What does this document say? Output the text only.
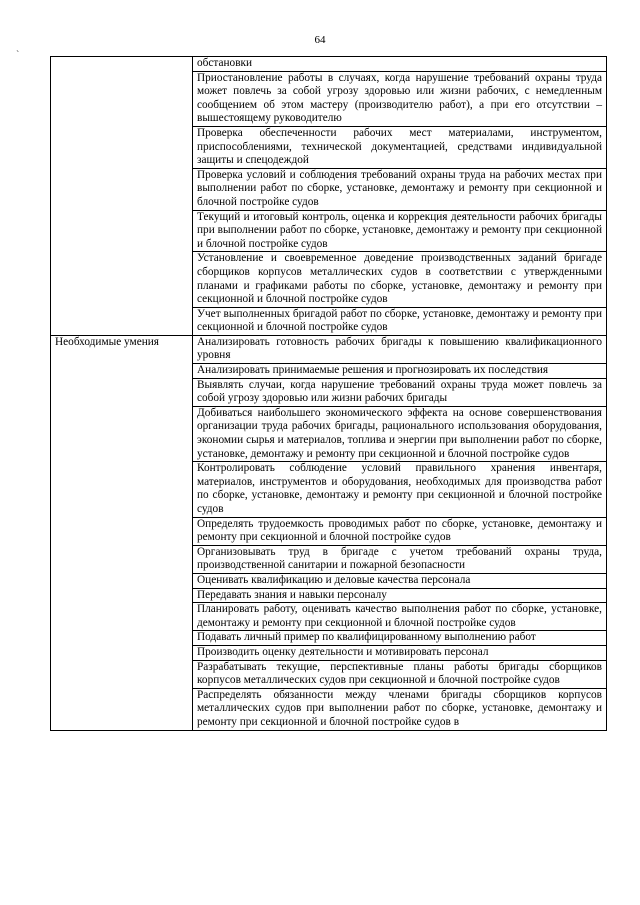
64
`
	обстановки
	Приостановление работы в случаях, когда нарушение требований охраны труда может повлечь за собой угрозу здоровью или жизни рабочих, с немедленным сообщением об этом мастеру (производителю работ), а при его отсутствии – вышестоящему руководителю
	Проверка обеспеченности рабочих мест материалами, инструментом, приспособлениями, технической документацией, средствами индивидуальной защиты и спецодеждой
	Проверка условий и соблюдения требований охраны труда на рабочих местах при выполнении работ по сборке, установке, демонтажу и ремонту при секционной и блочной постройке судов
	Текущий и итоговый контроль, оценка и коррекция деятельности рабочих бригады при выполнении работ по сборке, установке, демонтажу и ремонту при секционной и блочной постройке судов
	Установление и своевременное доведение производственных заданий бригаде сборщиков корпусов металлических судов в соответствии с утвержденными планами и графиками работы по сборке, установке, демонтажу и ремонту при секционной и блочной постройке судов
	Учет выполненных бригадой работ по сборке, установке, демонтажу и ремонту при секционной и блочной постройке судов
Необходимые умения	Анализировать готовность рабочих бригады к повышению квалификационного уровня
	Анализировать принимаемые решения и прогнозировать их последствия
	Выявлять случаи, когда нарушение требований охраны труда может повлечь за собой угрозу здоровью или жизни рабочих бригады
	Добиваться наибольшего экономического эффекта на основе совершенствования организации труда рабочих бригады, рационального использования оборудования, экономии сырья и материалов, топлива и энергии при выполнении работ по сборке, установке, демонтажу и ремонту при секционной и блочной постройке судов
	Контролировать соблюдение условий правильного хранения инвентаря, материалов, инструментов и оборудования, необходимых для производства работ по сборке, установке, демонтажу и ремонту при секционной и блочной постройке судов
	Определять трудоемкость проводимых работ по сборке, установке, демонтажу и ремонту при секционной и блочной постройке судов
	Организовывать труд в бригаде с учетом требований охраны труда, производственной санитарии и пожарной безопасности
	Оценивать квалификацию и деловые качества персонала
	Передавать знания и навыки персоналу
	Планировать работу, оценивать качество выполнения работ по сборке, установке, демонтажу и ремонту при секционной и блочной постройке судов
	Подавать личный пример по квалифицированному выполнению работ
	Производить оценку деятельности и мотивировать персонал
	Разрабатывать текущие, перспективные планы работы бригады сборщиков корпусов металлических судов при секционной и блочной постройке судов
	Распределять обязанности между членами бригады сборщиков корпусов металлических судов при выполнении работ по сборке, установке, демонтажу и ремонту при секционной и блочной постройке судов в
